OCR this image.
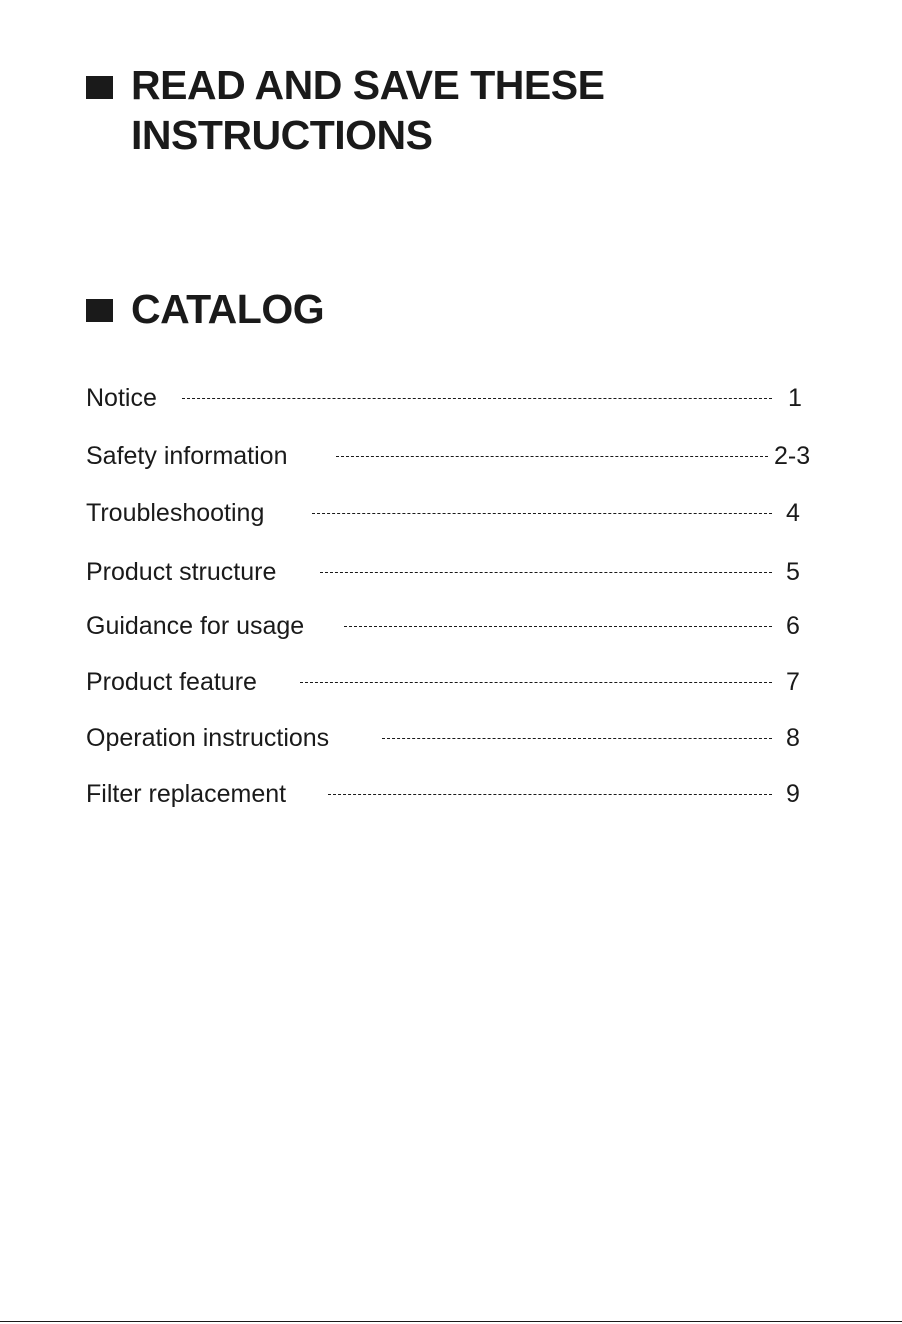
READ AND SAVE THESE
INSTRUCTIONS
CATALOG
Notice	1
Safety information	2-3
Troubleshooting	4
Product structure	5
Guidance for usage	6
Product feature	7
Operation instructions	8
Filter replacement	9
